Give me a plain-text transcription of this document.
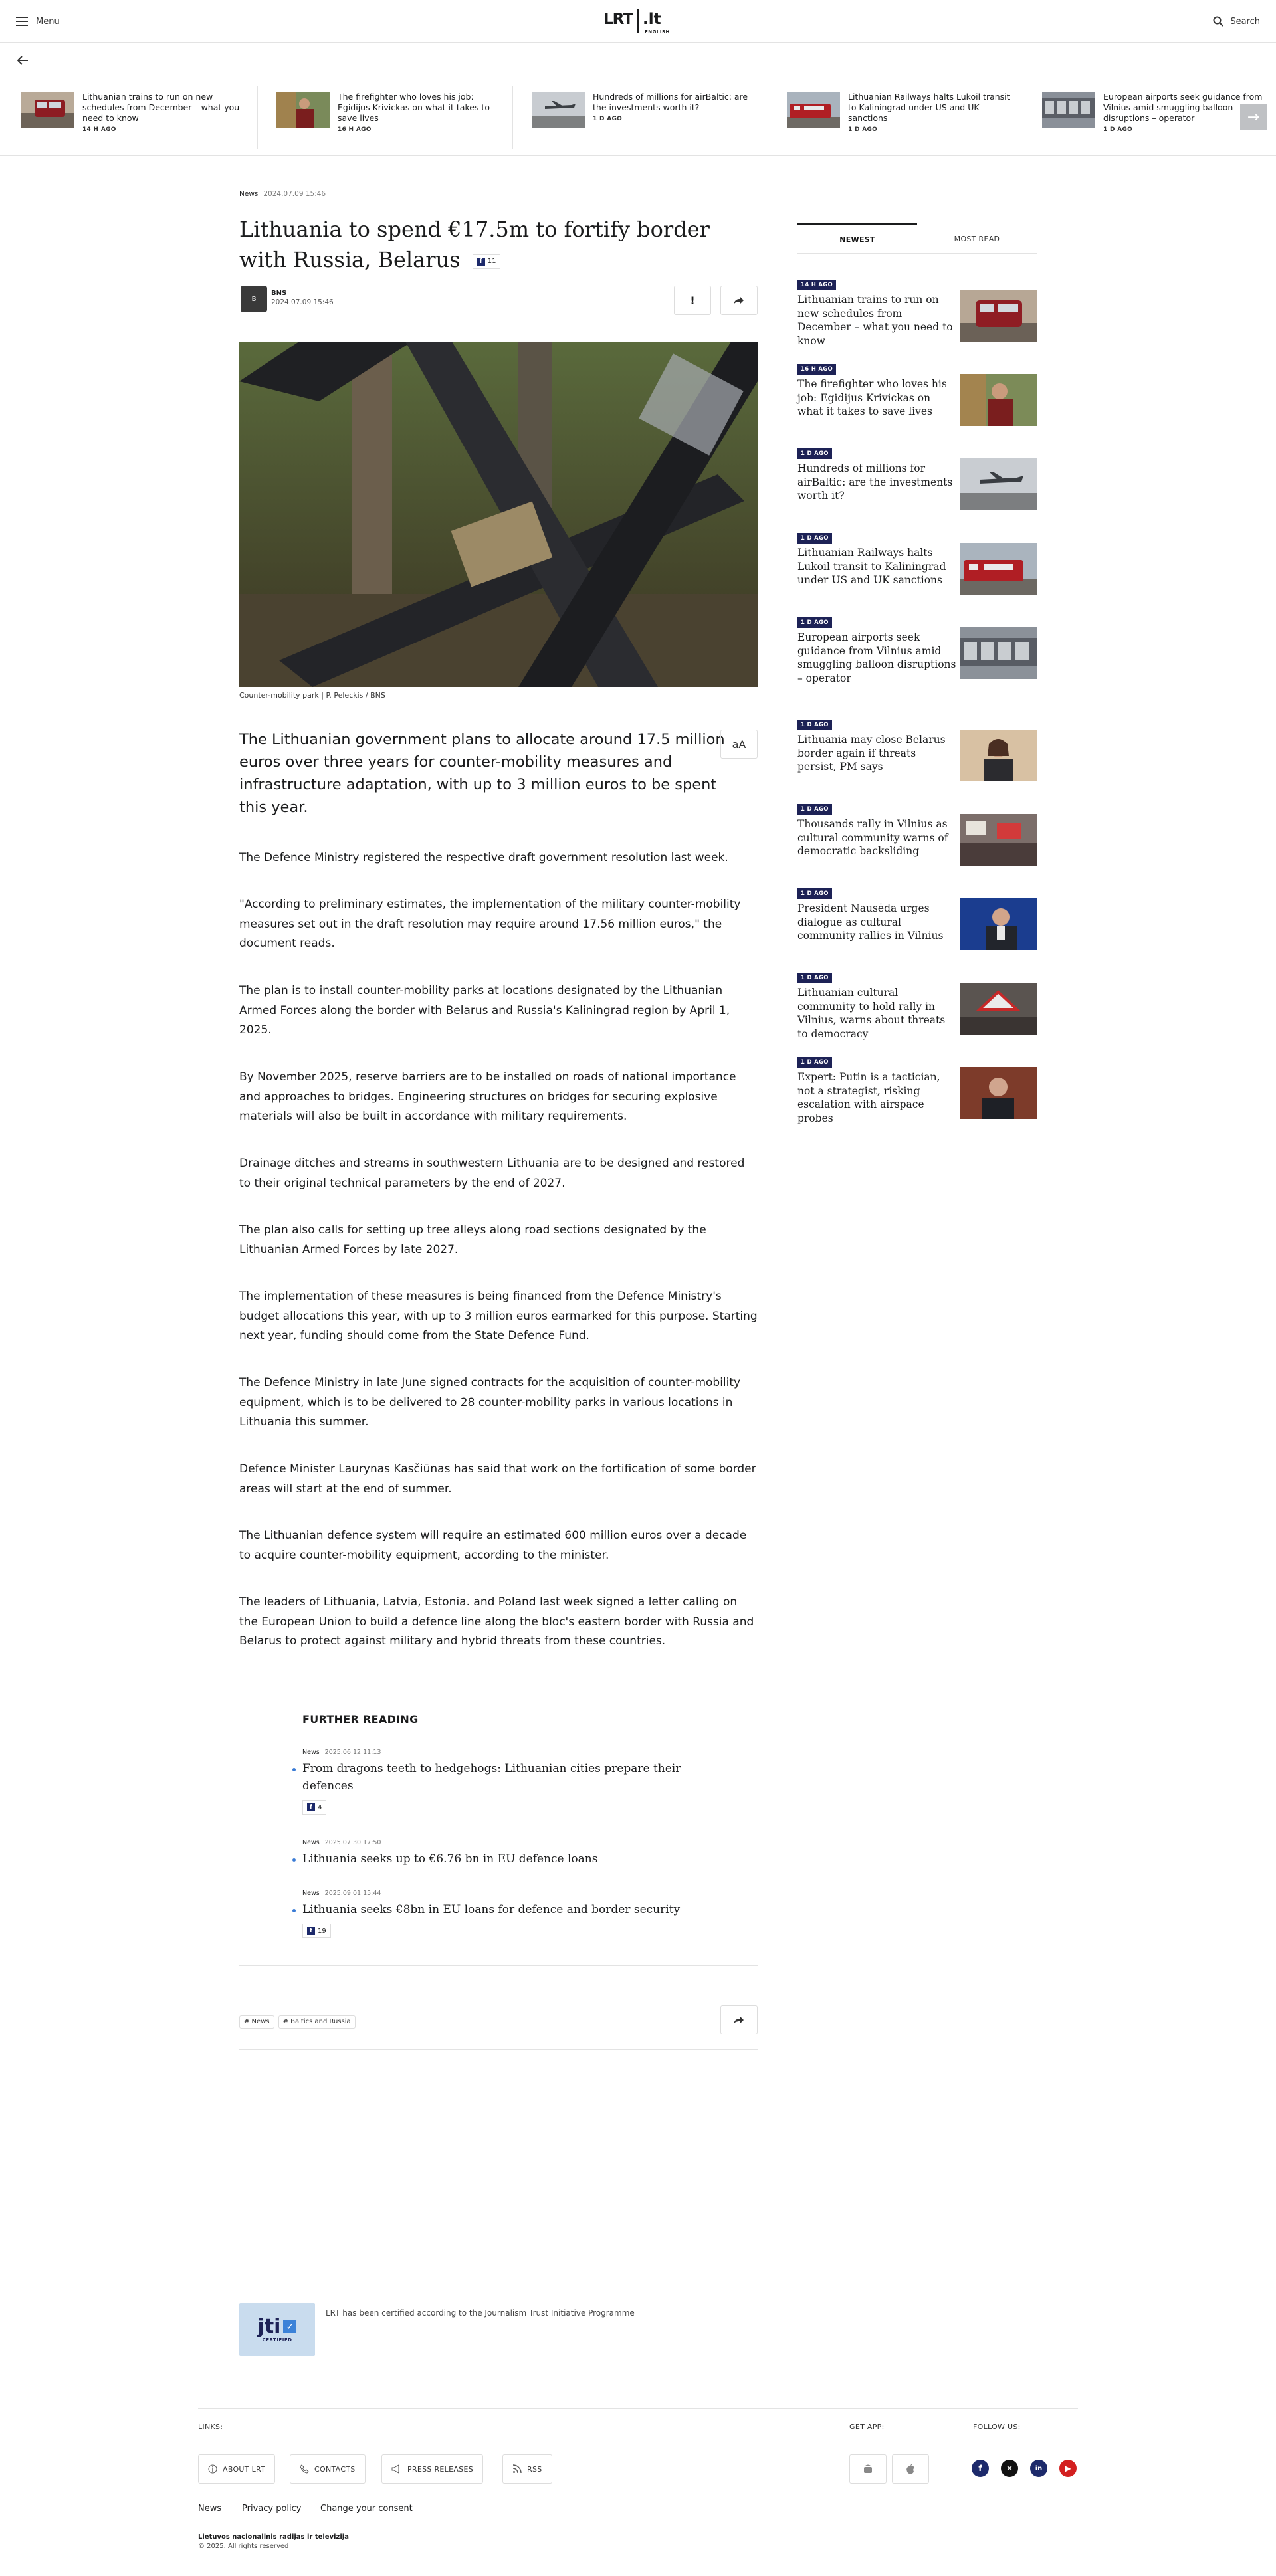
Menu	LRT .lt
ENGLISH
Search
Lithuanian trains to run on new schedules from December – what you need to know
14 H AGO
The firefighter who loves his job: Egidijus Krivickas on what it takes to save lives
16 H AGO
Hundreds of millions for airBaltic: are the investments worth it?
1 D AGO
Lithuanian Railways halts Lukoil transit to Kaliningrad under US and UK sanctions
1 D AGO
European airports seek guidance from Vilnius amid smuggling balloon disruptions – operator
1 D AGO
→
News 2024.07.09 15:46
Lithuania to spend €17.5m to fortify border with Russia, Belarus	f 11
B
BNS
2024.07.09 15:46	!
Counter-mobility park | P. Peleckis / BNS
The Lithuanian government plans to allocate around 17.5 million euros over three years for counter-mobility measures and infrastructure adaptation, with up to 3 million euros to be spent this year.
aA

The Defence Ministry registered the respective draft government resolution last week.

"According to preliminary estimates, the implementation of the military counter-mobility measures set out in the draft resolution may require around 17.56 million euros," the document reads.

The plan is to install counter-mobility parks at locations designated by the Lithuanian Armed Forces along the border with Belarus and Russia's Kaliningrad region by April 1, 2025.

By November 2025, reserve barriers are to be installed on roads of national importance and approaches to bridges. Engineering structures on bridges for securing explosive materials will also be built in accordance with military requirements.

Drainage ditches and streams in southwestern Lithuania are to be designed and restored to their original technical parameters by the end of 2027.

The plan also calls for setting up tree alleys along road sections designated by the Lithuanian Armed Forces by late 2027.

The implementation of these measures is being financed from the Defence Ministry's budget allocations this year, with up to 3 million euros earmarked for this purpose. Starting next year, funding should come from the State Defence Fund.

The Defence Ministry in late June signed contracts for the acquisition of counter-mobility equipment, which is to be delivered to 28 counter-mobility parks in various locations in Lithuania this summer.

Defence Minister Laurynas Kasčiūnas has said that work on the fortification of some border areas will start at the end of summer.

The Lithuanian defence system will require an estimated 600 million euros over a decade to acquire counter-mobility equipment, according to the minister.

The leaders of Lithuania, Latvia, Estonia. and Poland last week signed a letter calling on the European Union to build a defence line along the bloc's eastern border with Russia and Belarus to protect against military and hybrid threats from these countries.

FURTHER READING
News 2025.06.12 11:13
From dragons teeth to hedgehogs: Lithuanian cities prepare their defences
f 4
News 2025.07.30 17:50
Lithuania seeks up to €6.76 bn in EU defence loans
News 2025.09.01 15:44
Lithuania seeks €8bn in EU loans for defence and border security
f 19
# News # Baltics and Russia
NEWEST	MOST READ
14 H AGO
Lithuanian trains to run on new schedules from December – what you need to know
16 H AGO
The firefighter who loves his job: Egidijus Krivickas on what it takes to save lives
1 D AGO
Hundreds of millions for airBaltic: are the investments worth it?
1 D AGO
Lithuanian Railways halts Lukoil transit to Kaliningrad under US and UK sanctions
1 D AGO
European airports seek guidance from Vilnius amid smuggling balloon disruptions – operator
1 D AGO
Lithuania may close Belarus border again if threats persist, PM says
1 D AGO
Thousands rally in Vilnius as cultural community warns of democratic backsliding
1 D AGO
President Nausėda urges dialogue as cultural community rallies in Vilnius
1 D AGO
Lithuanian cultural community to hold rally in Vilnius, warns about threats to democracy
1 D AGO
Expert: Putin is a tactician, not a strategist, risking escalation with airspace probes
jti ✓
CERTIFIED
LRT has been certified according to the Journalism Trust Initiative Programme
LINKS:	GET APP:	FOLLOW US:
ABOUT LRT	CONTACTS	PRESS RELEASES	RSS	f	✕	in	▶
News Privacy policy Change your consent
Lietuvos nacionalinis radijas ir televizija
© 2025. All rights reserved
